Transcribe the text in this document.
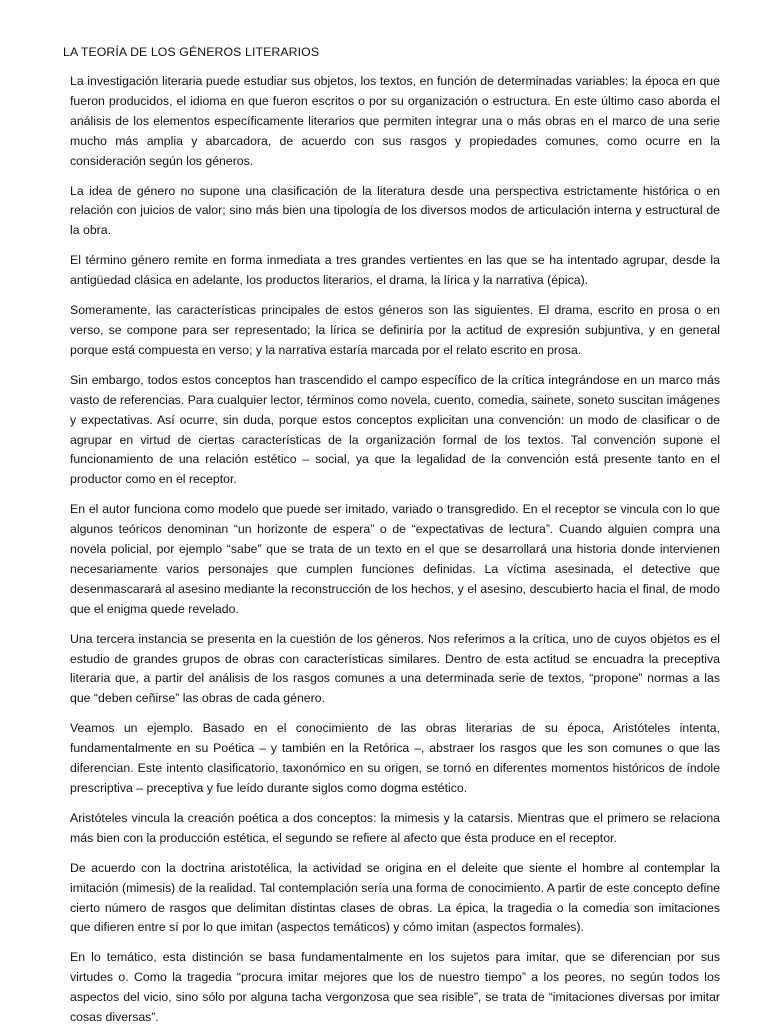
LA TEORÍA DE LOS GÉNEROS LITERARIOS

La investigación literaria puede estudiar sus objetos, los textos, en función de determinadas variables: la época en que fueron producidos, el idioma en que fueron escritos o por su organización o estructura. En este último caso aborda el análisis de los elementos específicamente literarios que permiten integrar una o más obras en el marco de una serie mucho más amplia y abarcadora, de acuerdo con sus rasgos y propiedades comunes, como ocurre en la consideración según los géneros.

La idea de género no supone una clasificación de la literatura desde una perspectiva estrictamente histórica o en relación con juicios de valor; sino más bien una tipología de los diversos modos de articulación interna y estructural de la obra.

El término género remite en forma inmediata a tres grandes vertientes en las que se ha intentado agrupar, desde la antigüedad clásica en adelante, los productos literarios, el drama, la lírica y la narrativa (épica).

Someramente, las características principales de estos géneros son las siguientes. El drama, escrito en prosa o en verso, se compone para ser representado; la lírica se definiría por la actitud de expresión subjuntiva, y en general porque está compuesta en verso; y la narrativa estaría marcada por el relato escrito en prosa.

Sin embargo, todos estos conceptos han trascendido el campo específico de la crítica integrándose en un marco más vasto de referencias. Para cualquier lector, términos como novela, cuento, comedia, sainete, soneto suscitan imágenes y expectativas. Así ocurre, sin duda, porque estos conceptos explicitan una convención: un modo de clasificar o de agrupar en virtud de ciertas características de la organización formal de los textos. Tal convención supone el funcionamiento de una relación estético – social, ya que la legalidad de la convención está presente tanto en el productor como en el receptor.

En el autor funciona como modelo que puede ser imitado, variado o transgredido. En el receptor se vincula con lo que algunos teóricos denominan “un horizonte de espera” o de “expectativas de lectura”. Cuando alguien compra una novela policial, por ejemplo “sabe” que se trata de un texto en el que se desarrollará una historia donde intervienen necesariamente varios personajes que cumplen funciones definidas. La víctima asesinada, el detective que desenmascarará al asesino mediante la reconstrucción de los hechos, y el asesino, descubierto hacia el final, de modo que el enigma quede revelado.

Una tercera instancia se presenta en la cuestión de los géneros. Nos referimos a la crítica, uno de cuyos objetos es el estudio de grandes grupos de obras con características similares. Dentro de esta actitud se encuadra la preceptiva literaria que, a partir del análisis de los rasgos comunes a una determinada serie de textos, “propone” normas a las que “deben ceñirse” las obras de cada género.

Veamos un ejemplo. Basado en el conocimiento de las obras literarias de su época, Aristóteles intenta, fundamentalmente en su Poética – y también en la Retórica –, abstraer los rasgos que les son comunes o que las diferencian. Este intento clasificatorio, taxonómico en su origen, se tornó en diferentes momentos históricos de índole prescriptiva – preceptiva y fue leído durante siglos como dogma estético.

Aristóteles vincula la creación poética a dos conceptos: la mimesis y la catarsis. Mientras que el primero se relaciona más bien con la producción estética, el segundo se refiere al afecto que ésta produce en el receptor.

De acuerdo con la doctrina aristotélica, la actividad se origina en el deleite que siente el hombre al contemplar la imitación (mimesis) de la realidad. Tal contemplación sería una forma de conocimiento. A partir de este concepto define cierto número de rasgos que delimitan distintas clases de obras. La épica, la tragedia o la comedia son imitaciones que difieren entre sí por lo que imitan (aspectos temáticos) y cómo imitan (aspectos formales).

En lo temático, esta distinción se basa fundamentalmente en los sujetos para imitar, que se diferencian por sus virtudes o. Como la tragedia “procura imitar mejores que los de nuestro tiempo” a los peores, no según todos los aspectos del vicio, sino sólo por alguna tacha vergonzosa que sea risible”, se trata de “imitaciones diversas por imitar cosas diversas”.
